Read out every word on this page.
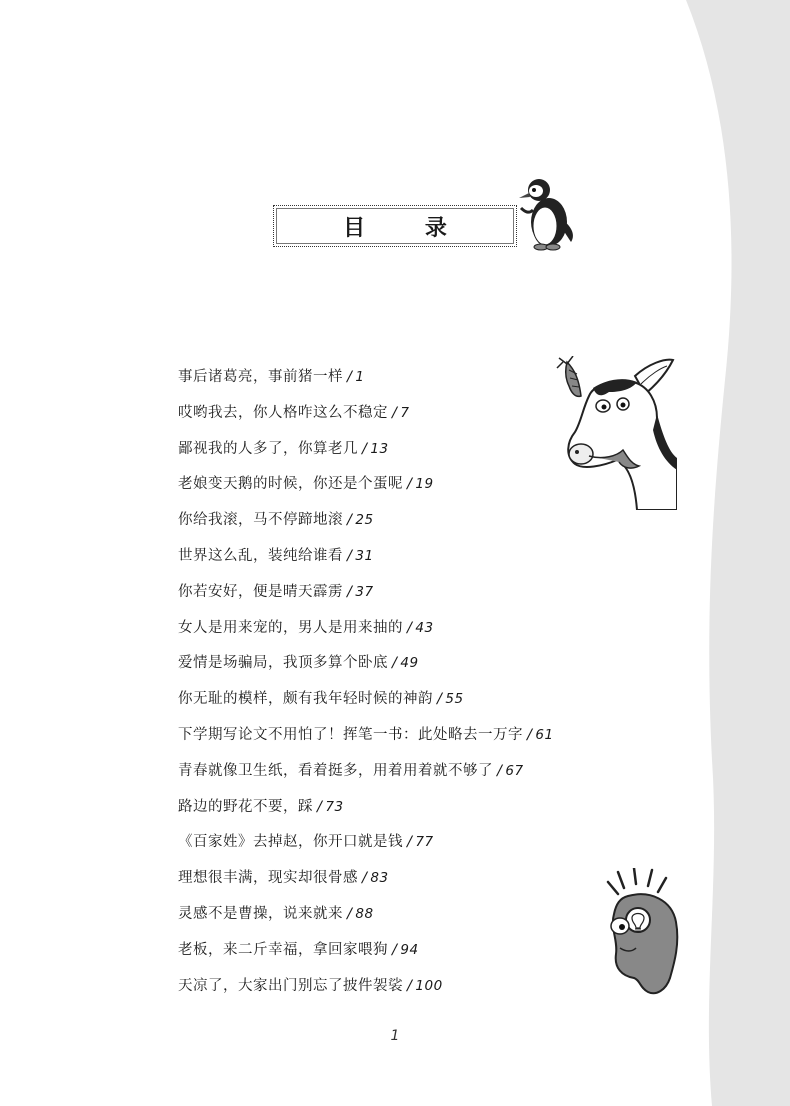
目 录
事后诸葛亮，事前猪一样 / 1
哎哟我去，你人格咋这么不稳定 / 7
鄙视我的人多了，你算老几 / 13
老娘变天鹅的时候，你还是个蛋呢 / 19
你给我滚，马不停蹄地滚 / 25
世界这么乱，装纯给谁看 / 31
你若安好，便是晴天霹雳 / 37
女人是用来宠的，男人是用来抽的 / 43
爱情是场骗局，我顶多算个卧底 / 49
你无耻的模样，颇有我年轻时候的神韵 / 55
下学期写论文不用怕了！挥笔一书：此处略去一万字 / 61
青春就像卫生纸，看着挺多，用着用着就不够了 / 67
路边的野花不要，踩 / 73
《百家姓》去掉赵，你开口就是钱 / 77
理想很丰满，现实却很骨感 / 83
灵感不是曹操，说来就来 / 88
老板，来二斤幸福，拿回家喂狗 / 94
天凉了，大家出门别忘了披件袈裟 / 100
1
